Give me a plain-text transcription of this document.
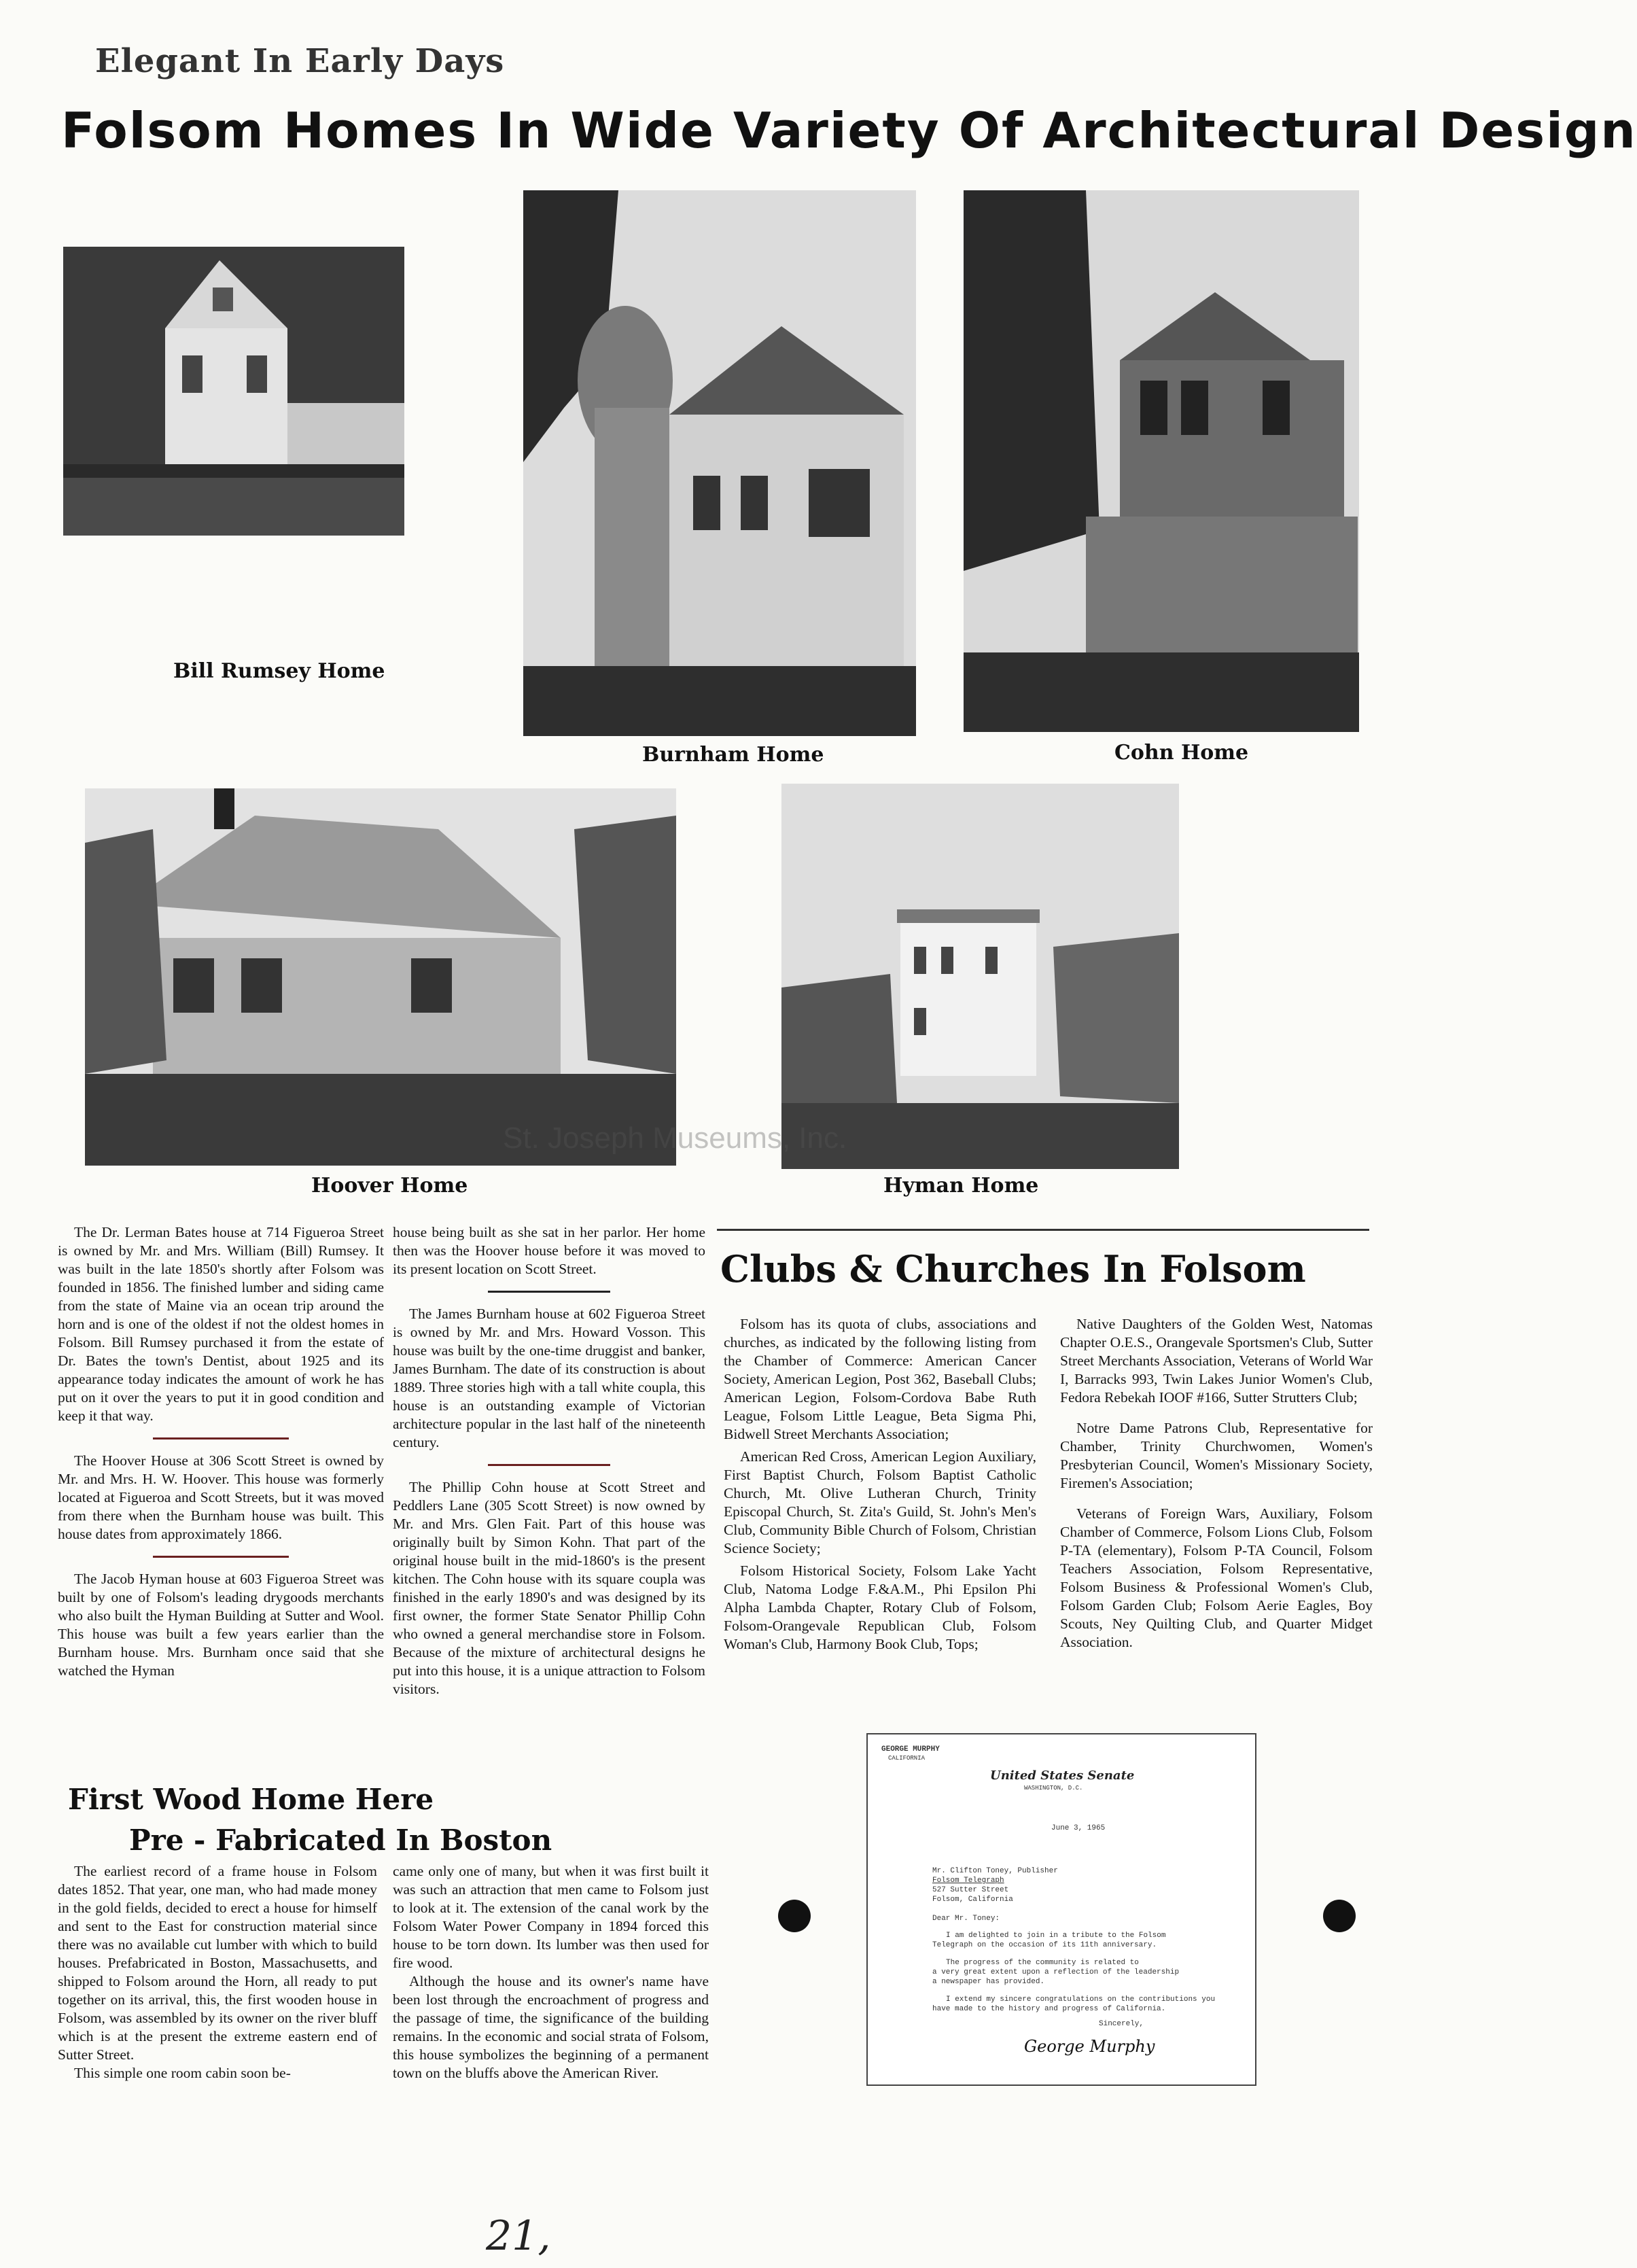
Elegant In Early Days
Folsom Homes In Wide Variety Of Architectural Design
Bill Rumsey Home
Burnham Home	Cohn Home
Hoover Home	Hyman Home
St. Joseph Museums, Inc.

The Dr. Lerman Bates house at 714 Figueroa Street is owned by Mr. and Mrs. William (Bill) Rumsey. It was built in the late 1850's shortly after Folsom was founded in 1856. The finished lumber and siding came from the state of Maine via an ocean trip around the horn and is one of the oldest if not the oldest homes in Folsom. Bill Rumsey purchased it from the estate of Dr. Bates the town's Dentist, about 1925 and its appearance today indicates the amount of work he has put on it over the years to put it in good condition and keep it that way.

The Hoover House at 306 Scott Street is owned by Mr. and Mrs. H. W. Hoover. This house was formerly located at Figueroa and Scott Streets, but it was moved from there when the Burnham house was built. This house dates from approximately 1866.

The Jacob Hyman house at 603 Figueroa Street was built by one of Folsom's leading drygoods merchants who also built the Hyman Building at Sutter and Wool. This house was built a few years earlier than the Burnham house. Mrs. Burnham once said that she watched the Hyman

house being built as she sat in her parlor. Her home then was the Hoover house before it was moved to its present location on Scott Street.

The James Burnham house at 602 Figueroa Street is owned by Mr. and Mrs. Howard Vosson. This house was built by the one-time druggist and banker, James Burnham. The date of its construction is about 1889. Three stories high with a tall white coupla, this house is an outstanding example of Victorian architecture popular in the last half of the nineteenth century.

The Phillip Cohn house at Scott Street and Peddlers Lane (305 Scott Street) is now owned by Mr. and Mrs. Glen Fait. Part of this house was originally built by Simon Kohn. That part of the original house built in the mid-1860's is the present kitchen. The Cohn house with its square coupla was finished in the early 1890's and was designed by its first owner, the former State Senator Phillip Cohn who owned a general merchandise store in Folsom. Because of the mixture of architectural designs he put into this house, it is a unique attraction to Folsom visitors.

Clubs & Churches In Folsom

Folsom has its quota of clubs, associations and churches, as indicated by the following listing from the Chamber of Commerce: American Cancer Society, American Legion, Post 362, Baseball Clubs; American Legion, Folsom-Cordova Babe Ruth League, Folsom Little League, Beta Sigma Phi, Bidwell Street Merchants Association;

American Red Cross, American Legion Auxiliary, First Baptist Church, Folsom Baptist Catholic Church, Mt. Olive Lutheran Church, Trinity Episcopal Church, St. Zita's Guild, St. John's Men's Club, Community Bible Church of Folsom, Christian Science Society;

Folsom Historical Society, Folsom Lake Yacht Club, Natoma Lodge F.&A.M., Phi Epsilon Phi Alpha Lambda Chapter, Rotary Club of Folsom, Folsom-Orangevale Republican Club, Folsom Woman's Club, Harmony Book Club, Tops;

Native Daughters of the Golden West, Natomas Chapter O.E.S., Orangevale Sportsmen's Club, Sutter Street Merchants Association, Veterans of World War I, Barracks 993, Twin Lakes Junior Women's Club, Fedora Rebekah IOOF #166, Sutter Strutters Club;

Notre Dame Patrons Club, Representative for Chamber, Trinity Churchwomen, Women's Presbyterian Council, Women's Missionary Society, Firemen's Association;

Veterans of Foreign Wars, Auxiliary, Folsom Chamber of Commerce, Folsom Lions Club, Folsom P-TA (elementary), Folsom P-TA Council, Folsom Teachers Association, Folsom Representative, Folsom Business & Professional Women's Club, Folsom Garden Club; Folsom Aerie Eagles, Boy Scouts, Ney Quilting Club, and Quarter Midget Association.

First Wood Home Here
Pre - Fabricated In Boston

The earliest record of a frame house in Folsom dates 1852. That year, one man, who had made money in the gold fields, decided to erect a house for himself and sent to the East for construction material since there was no available cut lumber with which to build houses. Prefabricated in Boston, Massachusetts, and shipped to Folsom around the Horn, all ready to put together on its arrival, this, the first wooden house in Folsom, was assembled by its owner on the river bluff which is at the present the extreme eastern end of Sutter Street.

This simple one room cabin soon be-

came only one of many, but when it was first built it was such an attraction that men came to Folsom just to look at it. The extension of the canal work by the Folsom Water Power Company in 1894 forced this house to be torn down. Its lumber was then used for fire wood.

Although the house and its owner's name have been lost through the encroachment of progress and the passage of time, the significance of the building remains. In the economic and social strata of Folsom, this house symbolizes the beginning of a permanent town on the bluffs above the American River.

GEORGE MURPHY
CALIFORNIA
United States Senate
WASHINGTON, D.C.
June 3, 1965
Mr. Clifton Toney, Publisher
Folsom Telegraph
527 Sutter Street
Folsom, California
Dear Mr. Toney:
I am delighted to join in a tribute to the Folsom
Telegraph on the occasion of its 11th anniversary.
The progress of the community is related to
a very great extent upon a reflection of the leadership
a newspaper has provided.
I extend my sincere congratulations on the contributions you
have made to the history and progress of California.
Sincerely,
George Murphy
21,
